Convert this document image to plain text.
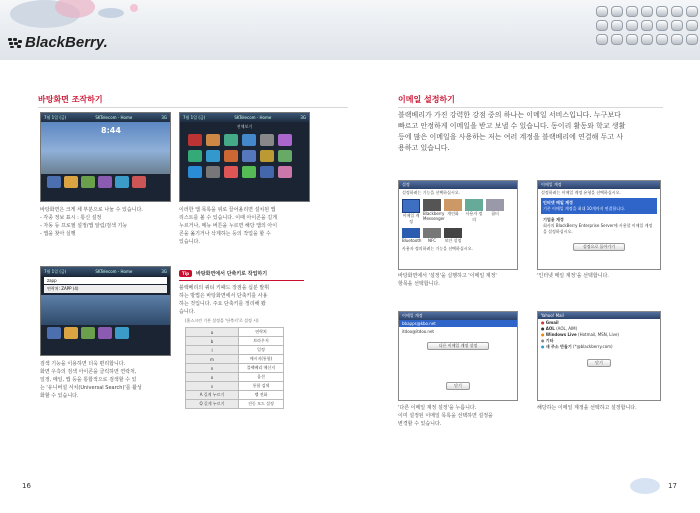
BlackBerry.
바탕화면 조작하기
7월 1일 (금)	SKTelecom - Home	3G
8:44
바탕화면은 크게 세 부분으로 나눌 수 있습니다.
- 각종 정보 표시 : 통신 설정
- 자동 등 프로필 설정/앱 알림/검색 기능
- 앱을 찾아 실행
7월 1일 (금)	SKTelecom - Home	3G
전체보기
이러한 앱 목록을 위로 끌어올리면 설치된 앱
리스트를 볼 수 있습니다. 이때 아이콘을 길게
누르거나, 메뉴 버튼을 누르면 해당 앱의 아이
콘을 옮기거나 삭제하는 등의 작업을 할 수
있습니다.
7월 1일 (금)	SKTelecom - Home	3G
zapp
연락처: ZAPP (4)
검색 기능을 이용하면 더욱 편리합니다.
화면 우측의 검색 아이콘을 클릭하면 연락처,
일정, 메일, 앱 등을 통합적으로 검색할 수 있
는 '유니버설 서치(Universal Search)'를 활성
화할 수 있습니다.
Tip	바탕화면에서 단축키로 작업하기
블랙베리의 쿼티 키패드 장점을 십분 발휘
하는 방법은 바탕화면에서 단축키를 사용
하는 것입니다. 주요 단축키를 정리해 봤
습니다.
(홈스크린 기본 설정을 '단축키'로 설정 시)
a	연락처
b	브라우저
l	일정
m	메시지(통합)
n	블랙베리 메신저
o	옵션
s	통합 검색
A 길게 누르기	벨 전화
Q 길게 누르기	진동 모드 설정
16
이메일 설정하기
블랙베리가 가진 강력한 강점 중의 하나는 이메일 서비스입니다. 누구보다
빠르고 안정하게 이메일을 받고 보낼 수 있습니다. 동이리 활동와 학교 생활
등에 많은 이메일을 사용하는 저는 여러 계정을 블랙베리에 연결해 두고 사
용하고 있습니다.
설정
설정하려는 기능을 선택하십시오.
이메일 계정
Blackberry Messenger
개인화	사용자 정의
필터
Bluetooth	NFC	보안 설정
사용자 정의하려는 기능을 선택하십시오.
바탕화면에서 '설정'을 실행하고 '이메일 계정'
항목을 선택합니다.
이메일 계정
설정하려는 이메일 계정 유형을 선택하십시오.
인터넷 메일 계정
기존 이메일 계정을 최대 10개까지 연결합니다.
기업용 계정
회사의 BlackBerry Enterprise Server에 사용할 이메일 계정을 설정하십시오.
설정으로 돌아가기
'인터넷 메일 계정'을 선택합니다.
이메일 계정
bbapps@kbo.net
itdoo@itdoo.net
다른 이메일 계정 설정
닫기
'다른 이메일 계정 설정'을 누릅니다.
이미 설정된 이메일 목록을 선택하면 설정을
변경할 수 있습니다.
Yahoo! Mail
● Gmail
● AOL (AOL, AIM)
● Windows Live (Hotmail, MSN, Live)
● 기타
● 새 주소 만들기 (*@blackberry.com)
닫기
해당하는 이메일 계정을 선택하고 설정합니다.
17
